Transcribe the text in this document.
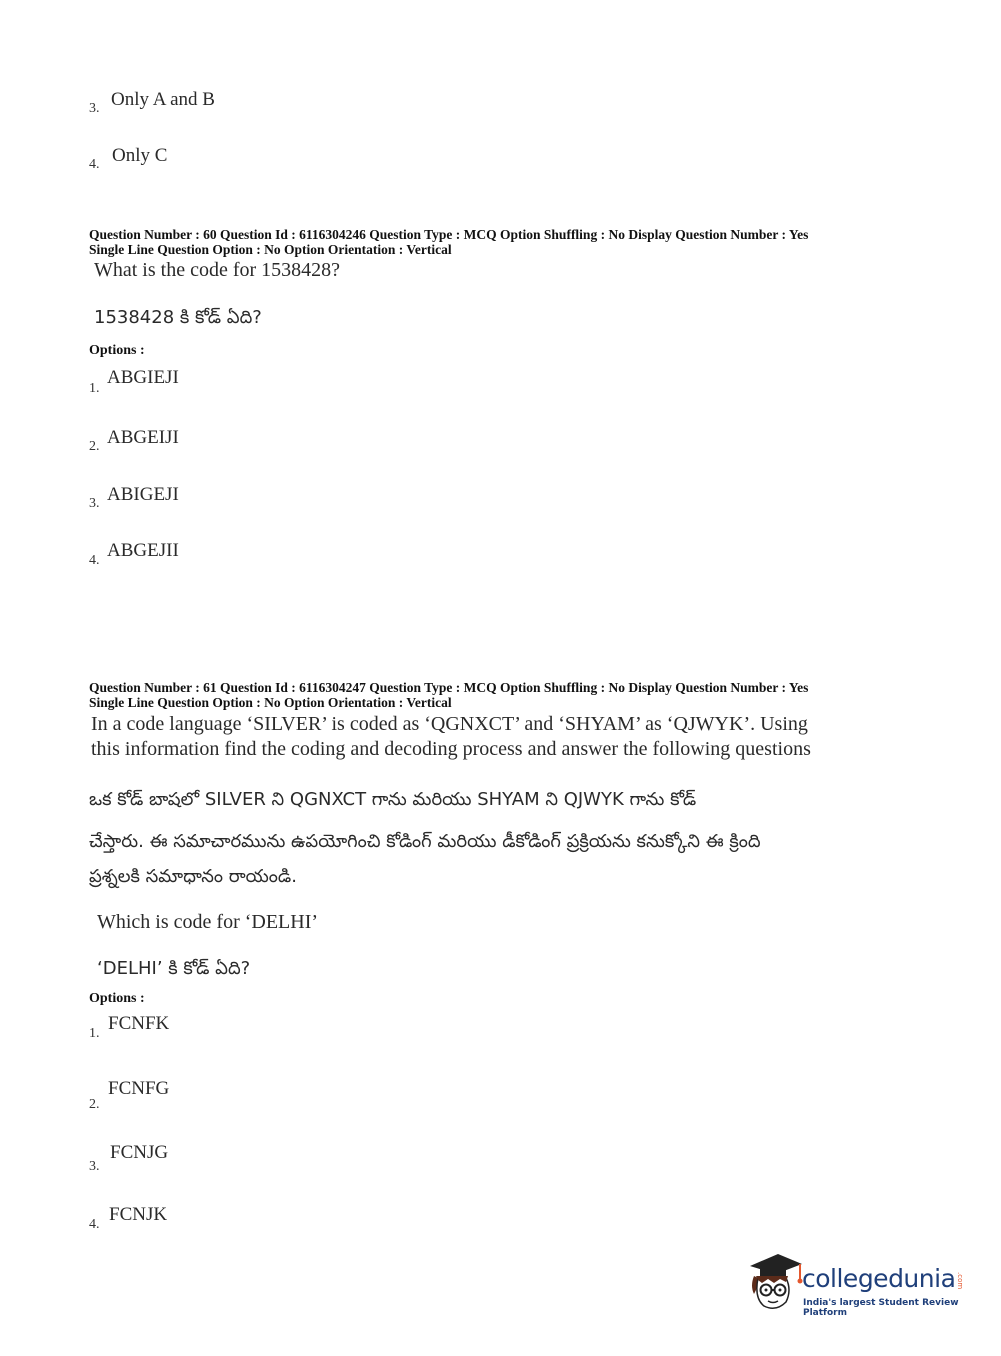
3. Only A and B
4. Only C
Question Number : 60 Question Id : 6116304246 Question Type : MCQ Option Shuffling : No Display Question Number : Yes
Single Line Question Option : No Option Orientation : Vertical
What is the code for 1538428?
1538428 కి కోడ్ ఏది?
Options :
1.
ABGIEJI
2. ABGEIJI
3. ABIGEJI
4. ABGEJII
Question Number : 61 Question Id : 6116304247 Question Type : MCQ Option Shuffling : No Display Question Number : Yes
Single Line Question Option : No Option Orientation : Vertical
In a code language ‘SILVER’ is coded as ‘QGNXCT’ and ‘SHYAM’ as ‘QJWYK’. Using
this information find the coding and decoding process and answer the following questions
ఒక కోడ్ బాషలో SILVER ని QGNXCT గాను మరియు SHYAM ని QJWYK గాను కోడ్
చేస్తారు. ఈ సమాచారమును ఉపయోగించి కోడింగ్ మరియు డీకోడింగ్ ప్రక్రియను కనుక్కోని ఈ క్రింది
ప్రశ్నలకి సమాధానం రాయండి.
Which is code for ‘DELHI’
‘DELHI’ కి కోడ్ ఏది?
Options :
1. FCNFK
2.
FCNFG
3.
FCNJG
4. FCNJK
collegedunia .com
India's largest Student Review Platform
